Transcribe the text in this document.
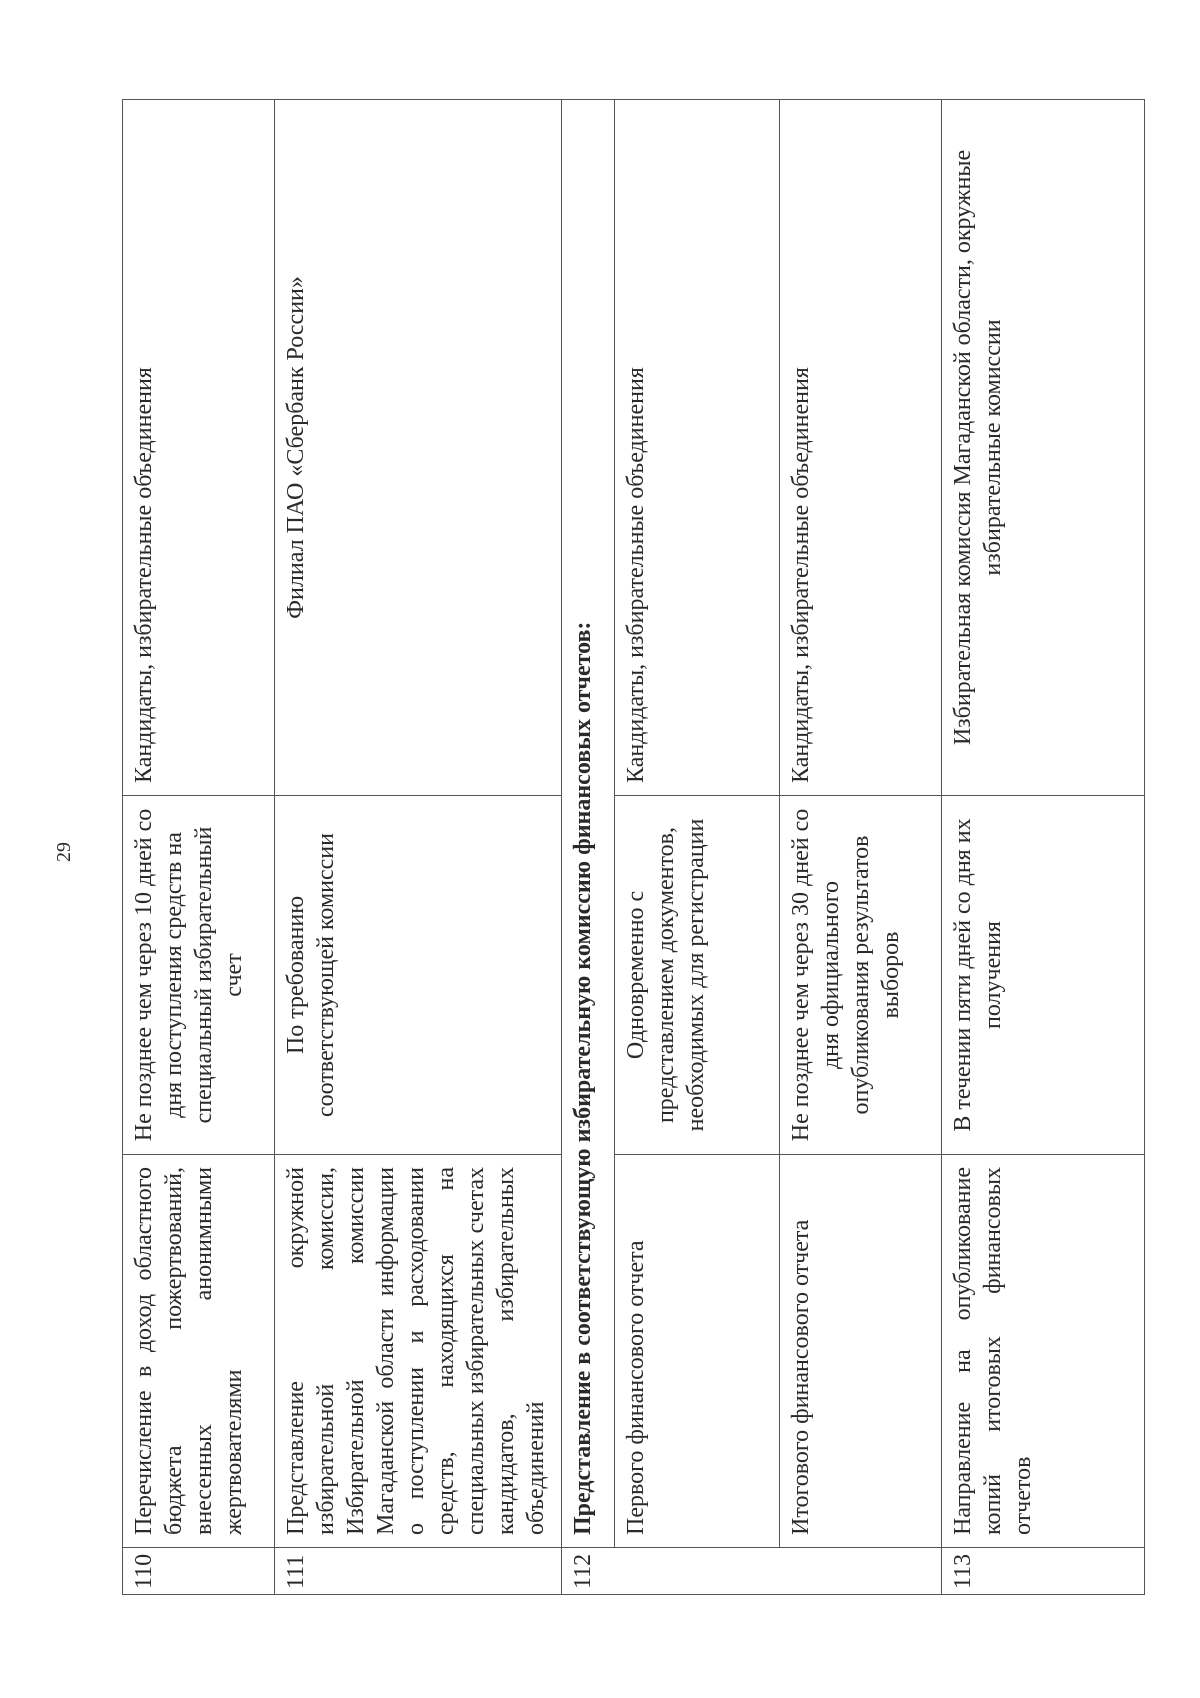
29
110	Перечисление в доход областного бюджета пожертвований, внесенных анонимными жертвователями	Не позднее чем через 10 дней со дня поступления средств на специальный избирательный счет	Кандидаты, избирательные объединения
111	Представление окружной избирательной комиссии, Избирательной комиссии Магаданской области информации о поступлении и расходовании средств, находящихся на специальных избирательных счетах кандидатов, избирательных объединений	По требованию соответствующей комиссии	Филиал ПАО «Сбербанк России»
112	Представление в соответствующую избирательную комиссию финансовых отчетов:		
	Первого финансового отчета	Одновременно с представлением документов, необходимых для регистрации	Кандидаты, избирательные объединения
	Итогового финансового отчета	Не позднее чем через 30 дней со дня официального опубликования результатов выборов	Кандидаты, избирательные объединения
113	Направление на опубликование копий итоговых финансовых отчетов	В течении пяти дней со дня их получения	Избирательная комиссия Магаданской области, окружные избирательные комиссии
